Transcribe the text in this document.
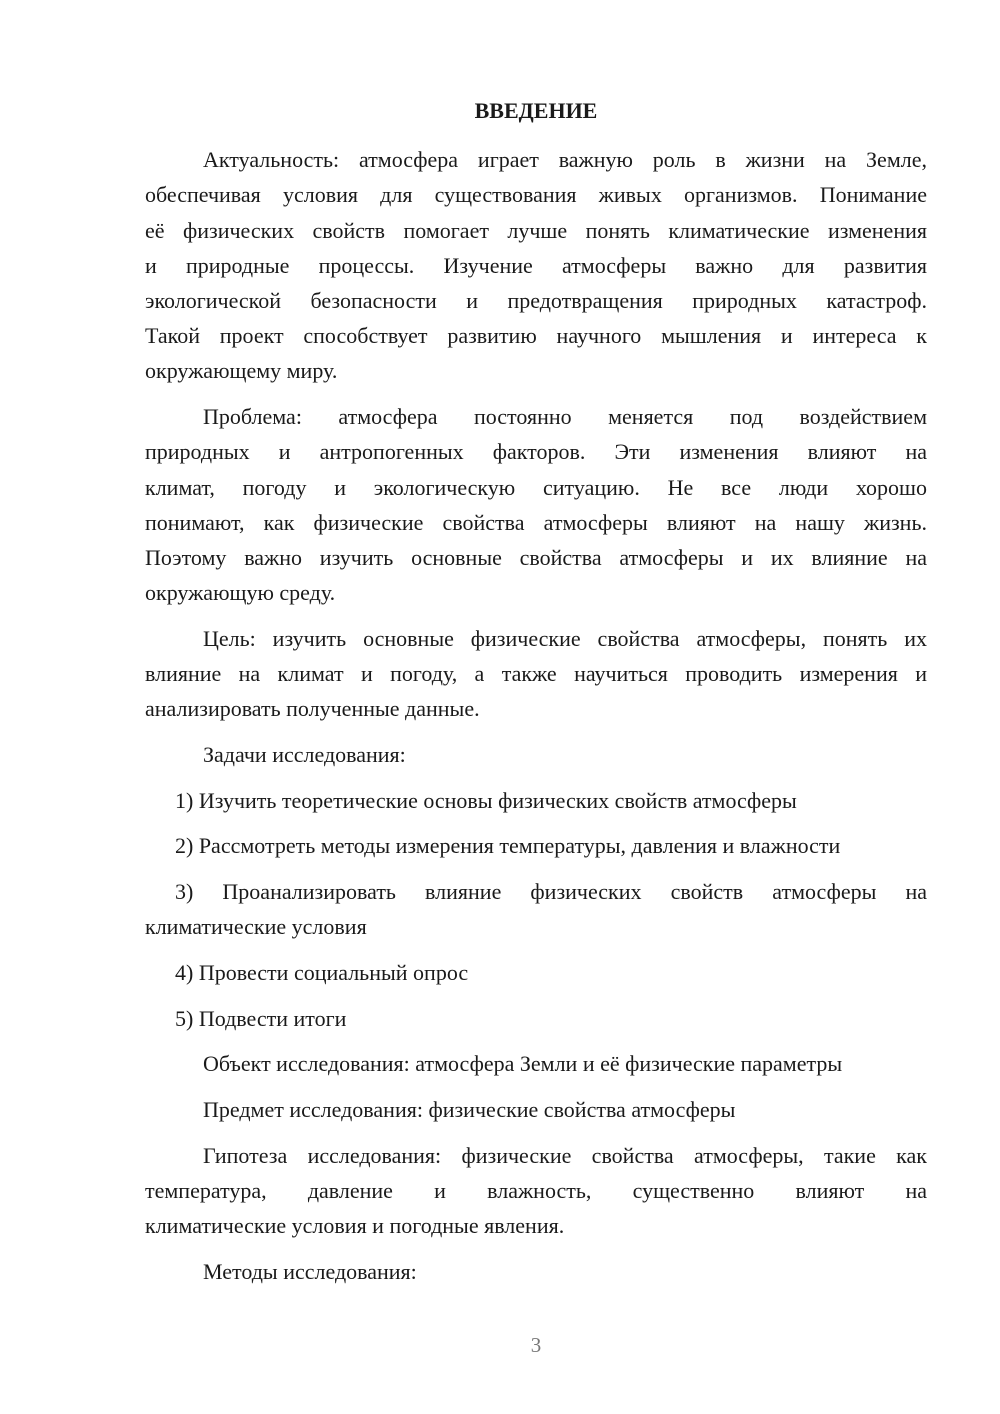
ВВЕДЕНИЕ
Актуальность: атмосфера играет важную роль в жизни на Земле,
обеспечивая условия для существования живых организмов. Понимание
её физических свойств помогает лучше понять климатические изменения
и природные процессы. Изучение атмосферы важно для развития
экологической безопасности и предотвращения природных катастроф.
Такой проект способствует развитию научного мышления и интереса к
окружающему миру.
Проблема: атмосфера постоянно меняется под воздействием
природных и антропогенных факторов. Эти изменения влияют на
климат, погоду и экологическую ситуацию. Не все люди хорошо
понимают, как физические свойства атмосферы влияют на нашу жизнь.
Поэтому важно изучить основные свойства атмосферы и их влияние на
окружающую среду.
Цель: изучить основные физические свойства атмосферы, понять их
влияние на климат и погоду, а также научиться проводить измерения и
анализировать полученные данные.
Задачи исследования:
1) Изучить теоретические основы физических свойств атмосферы
2) Рассмотреть методы измерения температуры, давления и влажности
3) Проанализировать влияние физических свойств атмосферы на
климатические условия
4) Провести социальный опрос
5) Подвести итоги
Объект исследования: атмосфера Земли и её физические параметры
Предмет исследования: физические свойства атмосферы
Гипотеза исследования: физические свойства атмосферы, такие как
температура, давление и влажность, существенно влияют на
климатические условия и погодные явления.
Методы исследования:
3
